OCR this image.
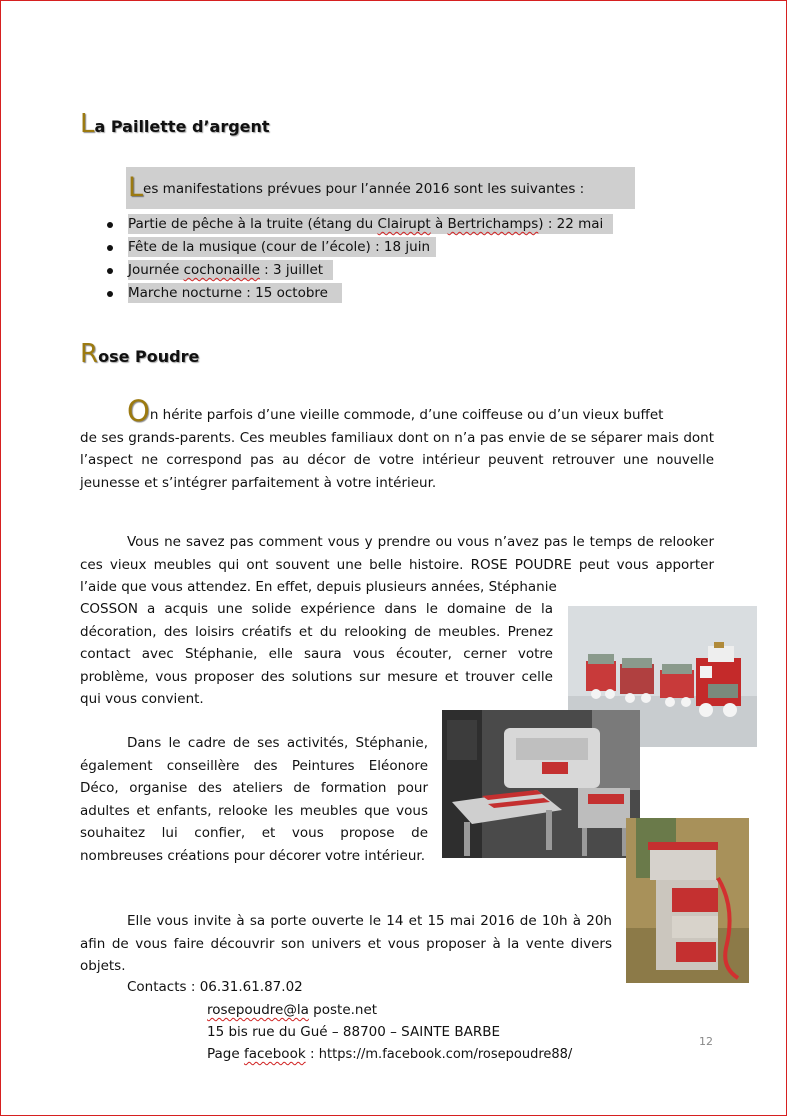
La Paillette d’argent
Les manifestations prévues pour l’année 2016 sont les suivantes :
Partie de pêche à la truite (étang du Clairupt à Bertrichamps) : 22 mai
Fête de la musique (cour de l’école) : 18 juin
Journée cochonaille : 3 juillet
Marche nocturne : 15 octobre
Rose Poudre
On hérite parfois d’une vieille commode, d’une coiffeuse ou d’un vieux buffet
de ses grands-parents. Ces meubles familiaux dont on n’a pas envie de se séparer mais dont l’aspect ne correspond pas au décor de votre intérieur peuvent retrouver une nouvelle jeunesse et s’intégrer parfaitement à votre intérieur.
Vous ne savez pas comment vous y prendre ou vous n’avez pas le temps de relooker ces vieux meubles qui ont souvent une belle histoire. ROSE POUDRE peut vous apporter l’aide que vous attendez. En effet, depuis plusieurs années, Stéphanie
COSSON a acquis une solide expérience dans le domaine de la décoration, des loisirs créatifs et du relooking de meubles. Prenez contact avec Stéphanie, elle saura vous écouter, cerner votre problème, vous proposer des solutions sur mesure et trouver celle qui vous convient.
Dans le cadre de ses activités, Stéphanie, également conseillère des Peintures Eléonore Déco, organise des ateliers de formation pour adultes et enfants, relooke les meubles que vous souhaitez lui confier, et vous propose de nombreuses créations pour décorer votre intérieur.
Elle vous invite à sa porte ouverte le 14 et 15 mai 2016 de 10h à 20h afin de vous faire découvrir son univers et vous proposer à la vente divers objets.
Contacts : 06.31.61.87.02
rosepoudre@la poste.net
15 bis rue du Gué – 88700 – SAINTE BARBE
Page facebook : https://m.facebook.com/rosepoudre88/
12
